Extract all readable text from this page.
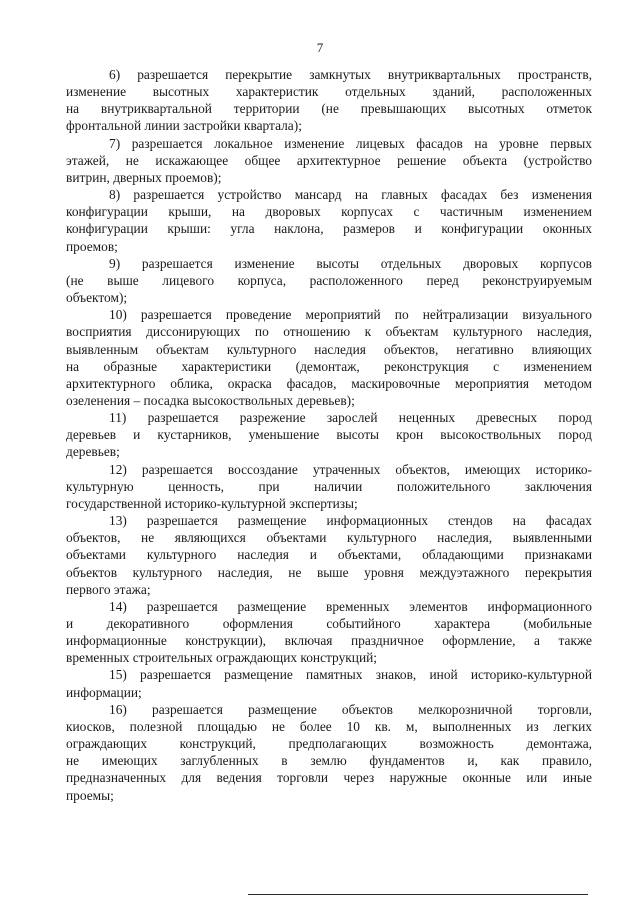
7
6) разрешается перекрытие замкнутых внутриквартальных пространств,
изменение высотных характеристик отдельных зданий, расположенных
на внутриквартальной территории (не превышающих высотных отметок
фронтальной линии застройки квартала);
7) разрешается локальное изменение лицевых фасадов на уровне первых
этажей, не искажающее общее архитектурное решение объекта (устройство
витрин, дверных проемов);
8) разрешается устройство мансард на главных фасадах без изменения
конфигурации крыши, на дворовых корпусах с частичным изменением
конфигурации крыши: угла наклона, размеров и конфигурации оконных
проемов;
9) разрешается изменение высоты отдельных дворовых корпусов
(не выше лицевого корпуса, расположенного перед реконструируемым
объектом);
10) разрешается проведение мероприятий по нейтрализации визуального
восприятия диссонирующих по отношению к объектам культурного наследия,
выявленным объектам культурного наследия объектов, негативно влияющих
на образные характеристики (демонтаж, реконструкция с изменением
архитектурного облика, окраска фасадов, маскировочные мероприятия методом
озеленения – посадка высокоствольных деревьев);
11) разрешается разрежение зарослей неценных древесных пород
деревьев и кустарников, уменьшение высоты крон высокоствольных пород
деревьев;
12) разрешается воссоздание утраченных объектов, имеющих историко-
культурную ценность, при наличии положительного заключения
государственной историко-культурной экспертизы;
13) разрешается размещение информационных стендов на фасадах
объектов, не являющихся объектами культурного наследия, выявленными
объектами культурного наследия и объектами, обладающими признаками
объектов культурного наследия, не выше уровня междуэтажного перекрытия
первого этажа;
14) разрешается размещение временных элементов информационного
и декоративного оформления событийного характера (мобильные
информационные конструкции), включая праздничное оформление, а также
временных строительных ограждающих конструкций;
15) разрешается размещение памятных знаков, иной историко-культурной
информации;
16) разрешается размещение объектов мелкорозничной торговли,
киосков, полезной площадью не более 10 кв. м, выполненных из легких
ограждающих конструкций, предполагающих возможность демонтажа,
не имеющих заглубленных в землю фундаментов и, как правило,
предназначенных для ведения торговли через наружные оконные или иные
проемы;
